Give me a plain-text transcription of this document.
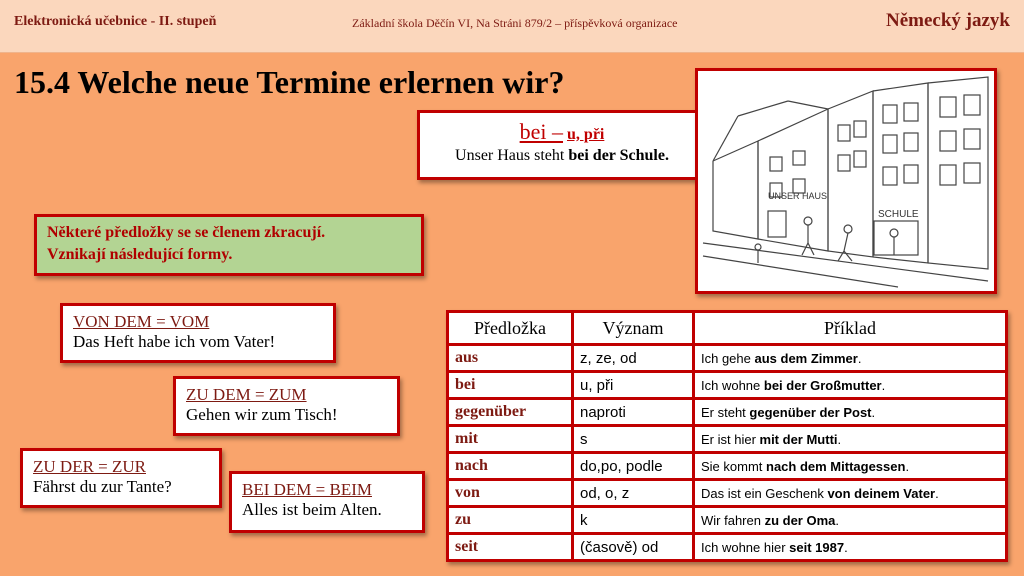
Elektronická učebnice - II. stupeň	Základní škola Děčín VI, Na Stráni 879/2 – příspěvková organizace	Německý jazyk
15.4 Welche neue Termine erlernen wir?
bei – u, při
Unser Haus steht bei der Schule.
UNSER HAUS
SCHULE
Některé předložky se se členem zkracují.
Vznikají následující formy.
VON DEM = VOM
Das Heft habe ich vom Vater!
ZU DEM = ZUM
Gehen wir zum Tisch!
ZU DER = ZUR
Fährst du zur Tante?	BEI DEM = BEIM
Alles ist beim Alten.
Předložka	Význam	Příklad
aus	z, ze, od	Ich gehe aus dem Zimmer.
bei	u, při	Ich wohne bei der Großmutter.
gegenüber	naproti	Er steht gegenüber der Post.
mit	s	Er ist hier mit der Mutti.
nach	do,po, podle	Sie kommt nach dem Mittagessen.
von	od, o, z	Das ist ein Geschenk von deinem Vater.
zu	k	Wir fahren zu der Oma.
seit	(časově) od	Ich wohne hier seit 1987.
